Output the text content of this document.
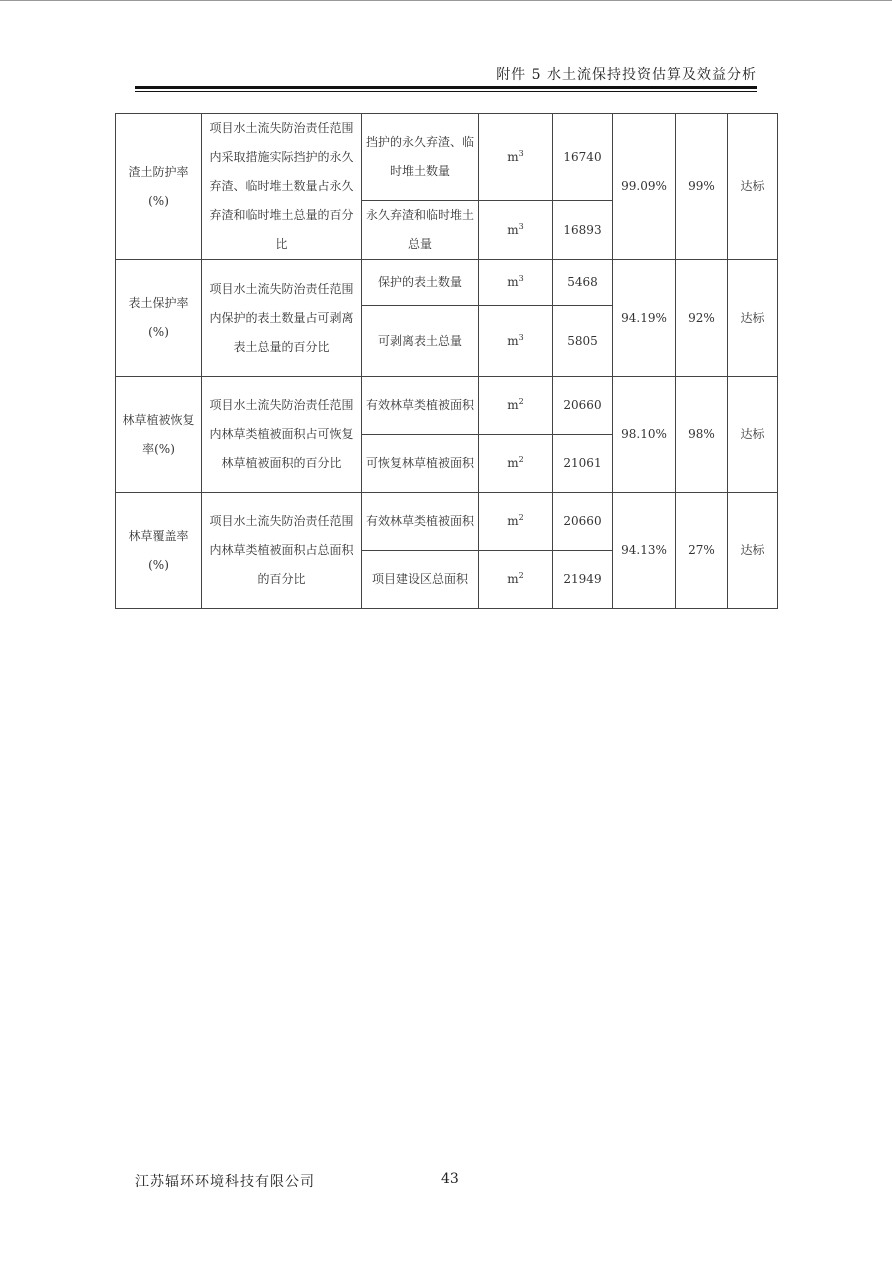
附件 5 水土流保持投资估算及效益分析
渣土防护率(%)	项目水土流失防治责任范围内采取措施实际挡护的永久弃渣、临时堆土数量占永久弃渣和临时堆土总量的百分比	挡护的永久弃渣、临时堆土数量	$m^3$	16740	99.09%	99%	达标
		永久弃渣和临时堆土总量	$m^3$	16893			
表土保护率(%)	项目水土流失防治责任范围内保护的表土数量占可剥离表土总量的百分比	保护的表土数量	$m^3$	5468	94.19%	92%	达标
		可剥离表土总量	$m^3$	5805			
林草植被恢复率(%)	项目水土流失防治责任范围内林草类植被面积占可恢复林草植被面积的百分比	有效林草类植被面积	$m^2$	20660	98.10%	98%	达标
		可恢复林草植被面积	$m^2$	21061			
林草覆盖率(%)	项目水土流失防治责任范围内林草类植被面积占总面积的百分比	有效林草类植被面积	$m^2$	20660	94.13%	27%	达标
		项目建设区总面积	$m^2$	21949			
江苏辐环环境科技有限公司	43
